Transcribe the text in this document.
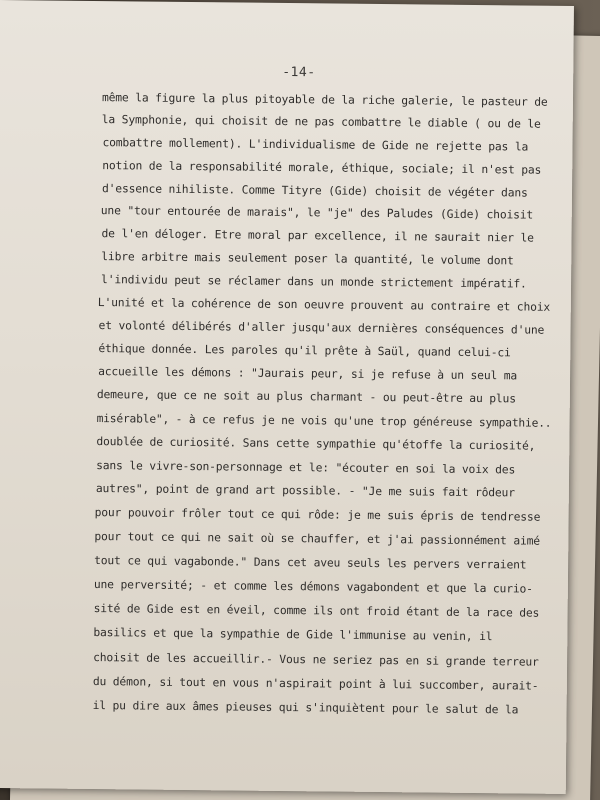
-14-
même la figure la plus pitoyable de la riche galerie, le pasteur de
la Symphonie, qui choisit de ne pas combattre le diable ( ou de le
combattre mollement). L'individualisme de Gide ne rejette pas la
notion de la responsabilité morale, éthique, sociale; il n'est pas
d'essence nihiliste. Comme Tityre (Gide) choisit de végéter dans
une "tour entourée de marais", le "je" des Paludes (Gide) choisit
de l'en déloger. Etre moral par excellence, il ne saurait nier le
libre arbitre mais seulement poser la quantité, le volume dont
l'individu peut se réclamer dans un monde strictement impératif.
L'unité et la cohérence de son oeuvre prouvent au contraire et choix
et volonté délibérés d'aller jusqu'aux dernières conséquences d'une
éthique donnée. Les paroles qu'il prête à Saül, quand celui-ci
accueille les démons : "Jaurais peur, si je refuse à un seul ma
demeure, que ce ne soit au plus charmant - ou peut-être au plus
misérable", - à ce refus je ne vois qu'une trop généreuse sympathie..
doublée de curiosité. Sans cette sympathie qu'étoffe la curiosité,
sans le vivre-son-personnage et le: "écouter en soi la voix des
autres", point de grand art possible. - "Je me suis fait rôdeur
pour pouvoir frôler tout ce qui rôde: je me suis épris de tendresse
pour tout ce qui ne sait où se chauffer, et j'ai passionnément aimé
tout ce qui vagabonde." Dans cet aveu seuls les pervers verraient
une perversité; - et comme les démons vagabondent et que la curio-
sité de Gide est en éveil, comme ils ont froid étant de la race des
basilics et que la sympathie de Gide l'immunise au venin, il
choisit de les accueillir.- Vous ne seriez pas en si grande terreur
du démon, si tout en vous n'aspirait point à lui succomber, aurait-
il pu dire aux âmes pieuses qui s'inquiètent pour le salut de la
